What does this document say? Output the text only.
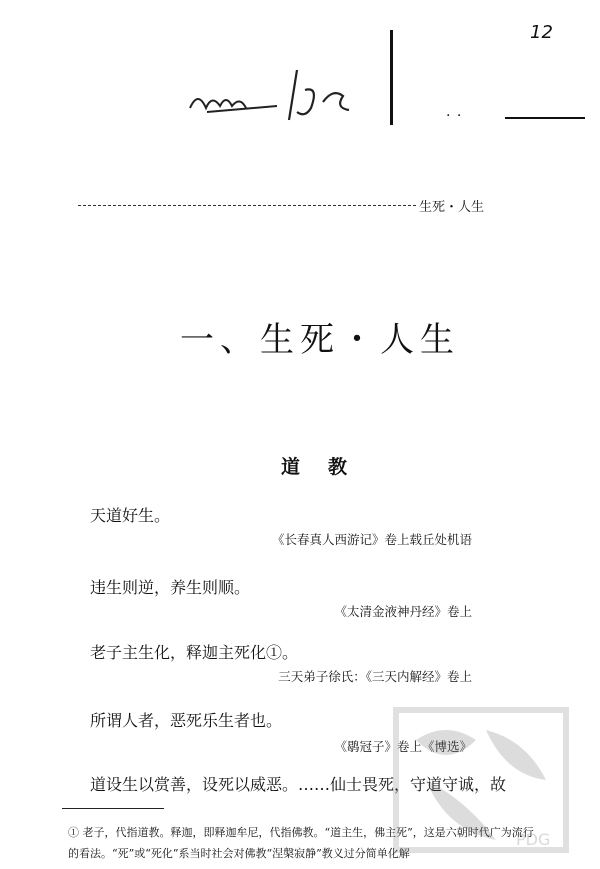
. .
12
生死・人生
一、生死・人生
道教
天道好生。
《长春真人西游记》卷上载丘处机语
违生则逆，养生则顺。
《太清金液神丹经》卷上
老子主生化，释迦主死化①。
三天弟子徐氏：《三天内解经》卷上
所谓人者，恶死乐生者也。
《鹖冠子》卷上《博选》
道设生以赏善，设死以威恶。……仙士畏死，守道守诚，故
① 老子，代指道教。释迦，即释迦牟尼，代指佛教。“道主生，佛主死”，这是六朝时代广为流行的看法。“死”或“死化”系当时社会对佛教“涅槃寂静”教义过分简单化解
PDG
